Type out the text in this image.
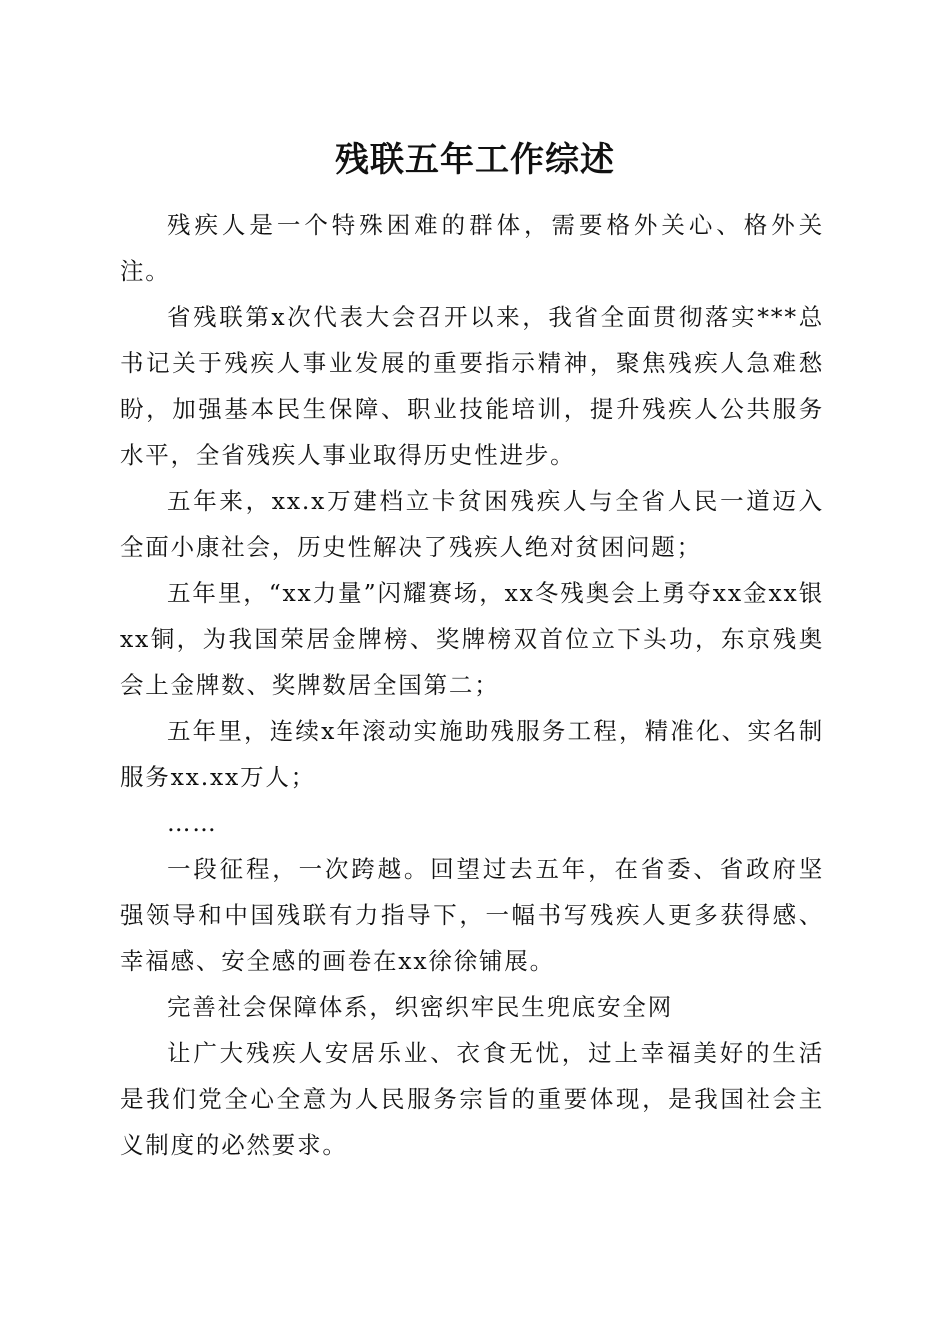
残联五年工作综述

残疾人是一个特殊困难的群体，需要格外关心、格外关注。

省残联第x次代表大会召开以来，我省全面贯彻落实***总书记关于残疾人事业发展的重要指示精神，聚焦残疾人急难愁盼，加强基本民生保障、职业技能培训，提升残疾人公共服务水平，全省残疾人事业取得历史性进步。

五年来，xx.x万建档立卡贫困残疾人与全省人民一道迈入全面小康社会，历史性解决了残疾人绝对贫困问题；

五年里，“xx力量”闪耀赛场，xx冬残奥会上勇夺xx金xx银xx铜，为我国荣居金牌榜、奖牌榜双首位立下头功，东京残奥会上金牌数、奖牌数居全国第二；

五年里，连续x年滚动实施助残服务工程，精准化、实名制服务xx.xx万人；

……

一段征程，一次跨越。回望过去五年，在省委、省政府坚强领导和中国残联有力指导下，一幅书写残疾人更多获得感、幸福感、安全感的画卷在xx徐徐铺展。

完善社会保障体系，织密织牢民生兜底安全网

让广大残疾人安居乐业、衣食无忧，过上幸福美好的生活是我们党全心全意为人民服务宗旨的重要体现，是我国社会主义制度的必然要求。
